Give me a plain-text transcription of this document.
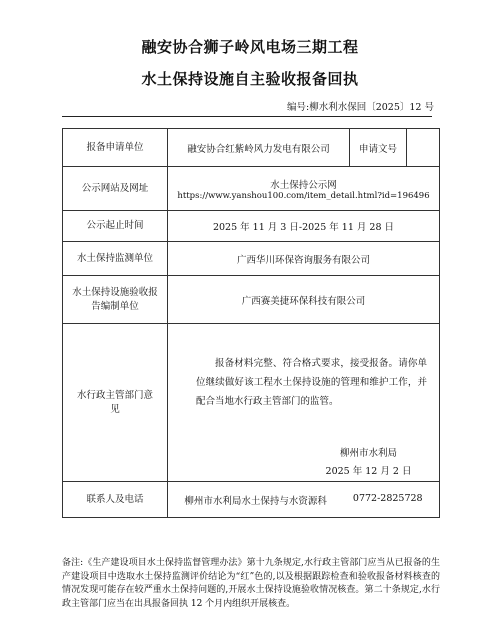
融安协合狮子岭风电场三期工程
水土保持设施自主验收报备回执
编号:柳水利水保回〔2025〕12 号
报备申请单位	融安协合红紫岭风力发电有限公司	申请文号	
公示网站及网址	水土保持公示网
https://www.yanshou100.com/item_detail.html?id=196496		

公示起止时间	2025 年 11 月 3 日-2025 年 11 月 28 日		
水土保持监测单位	广西华川环保咨询服务有限公司		
水土保持设施验收报告编制单位	广西赛美捷环保科技有限公司		
水行政主管部门意见	报备材料完整、符合格式要求，接受报备。请你单位继续做好该工程水土保持设施的管理和维护工作，并配合当地水行政主管部门的监管。
柳州市水利局
2025 年 12 月 2 日		

联系人及电话	柳州市水利局水土保持与水资源科 0772-2825728		
备注:《生产建设项目水土保持监督管理办法》第十九条规定,水行政主管部门应当从已报备的生产建设项目中选取水土保持监测评价结论为“红”色的,以及根据跟踪检查和验收报备材料核查的情况发现可能存在较严重水土保持问题的,开展水土保持设施验收情况核查。第二十条规定,水行政主管部门应当在出具报备回执 12 个月内组织开展核查。
